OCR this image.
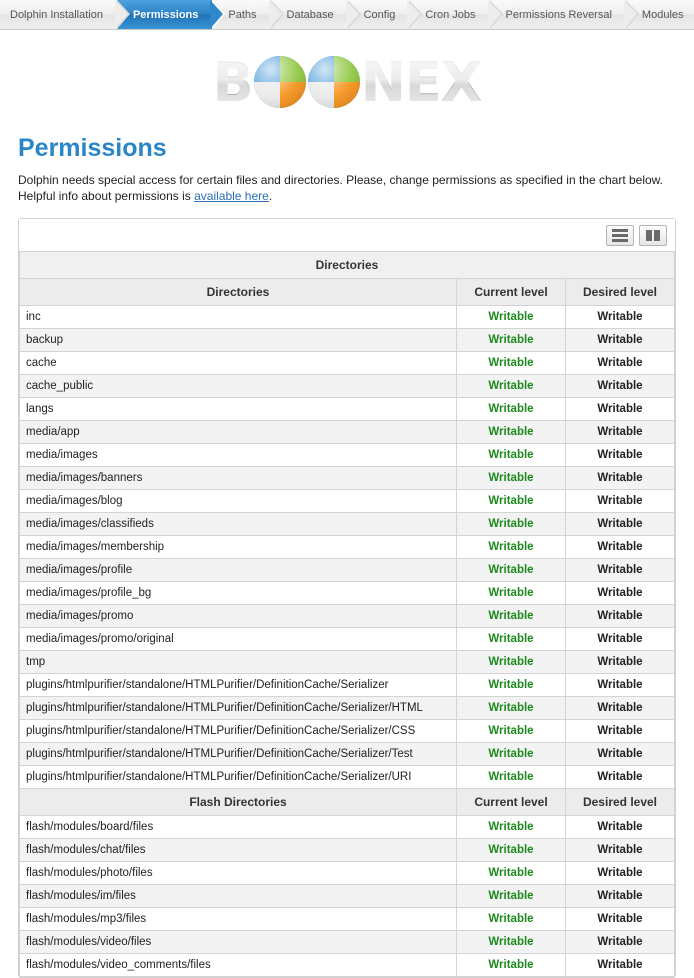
Dolphin Installation	Permissions	Paths	Database	Config	Cron Jobs	Permissions Reversal	Modules
B NEX
Permissions
Dolphin needs special access for certain files and directories. Please, change permissions as specified in the chart below.
Helpful info about permissions is available here.
Directories		
Directories	Current level	Desired level
inc	Writable	Writable
backup	Writable	Writable
cache	Writable	Writable
cache_public	Writable	Writable
langs	Writable	Writable
media/app	Writable	Writable
media/images	Writable	Writable
media/images/banners	Writable	Writable
media/images/blog	Writable	Writable
media/images/classifieds	Writable	Writable
media/images/membership	Writable	Writable
media/images/profile	Writable	Writable
media/images/profile_bg	Writable	Writable
media/images/promo	Writable	Writable
media/images/promo/original	Writable	Writable
tmp	Writable	Writable
plugins/htmlpurifier/standalone/HTMLPurifier/DefinitionCache/Serializer	Writable	Writable
plugins/htmlpurifier/standalone/HTMLPurifier/DefinitionCache/Serializer/HTML	Writable	Writable
plugins/htmlpurifier/standalone/HTMLPurifier/DefinitionCache/Serializer/CSS	Writable	Writable
plugins/htmlpurifier/standalone/HTMLPurifier/DefinitionCache/Serializer/Test	Writable	Writable
plugins/htmlpurifier/standalone/HTMLPurifier/DefinitionCache/Serializer/URI	Writable	Writable
Flash Directories	Current level	Desired level
flash/modules/board/files	Writable	Writable
flash/modules/chat/files	Writable	Writable
flash/modules/photo/files	Writable	Writable
flash/modules/im/files	Writable	Writable
flash/modules/mp3/files	Writable	Writable
flash/modules/video/files	Writable	Writable
flash/modules/video_comments/files	Writable	Writable
